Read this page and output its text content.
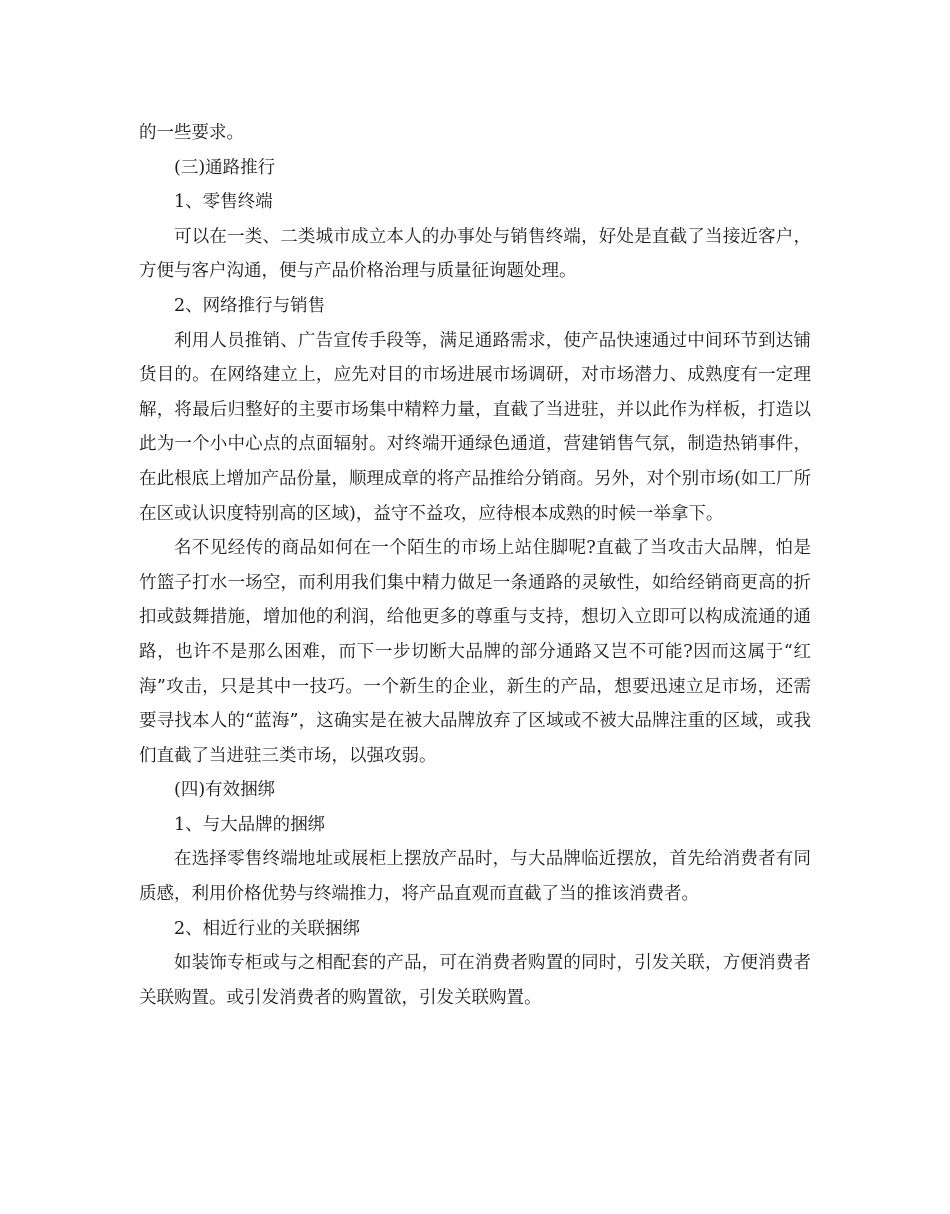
的一些要求。

(三)通路推行

1、零售终端

可以在一类、二类城市成立本人的办事处与销售终端，好处是直截了当接近客户，方便与客户沟通，便与产品价格治理与质量征询题处理。

2、网络推行与销售

利用人员推销、广告宣传手段等，满足通路需求，使产品快速通过中间环节到达铺货目的。在网络建立上，应先对目的市场进展市场调研，对市场潜力、成熟度有一定理解，将最后归整好的主要市场集中精粹力量，直截了当进驻，并以此作为样板，打造以此为一个小中心点的点面辐射。对终端开通绿色通道，营建销售气氛，制造热销事件，在此根底上增加产品份量，顺理成章的将产品推给分销商。另外，对个别市场(如工厂所在区或认识度特别高的区域)，益守不益攻，应待根本成熟的时候一举拿下。

名不见经传的商品如何在一个陌生的市场上站住脚呢?直截了当攻击大品牌，怕是竹篮子打水一场空，而利用我们集中精力做足一条通路的灵敏性，如给经销商更高的折扣或鼓舞措施，增加他的利润，给他更多的尊重与支持，想切入立即可以构成流通的通路，也许不是那么困难，而下一步切断大品牌的部分通路又岂不可能?因而这属于“红海”攻击，只是其中一技巧。一个新生的企业，新生的产品，想要迅速立足市场，还需要寻找本人的“蓝海”，这确实是在被大品牌放弃了区域或不被大品牌注重的区域，或我们直截了当进驻三类市场，以强攻弱。

(四)有效捆绑

1、与大品牌的捆绑

在选择零售终端地址或展柜上摆放产品时，与大品牌临近摆放，首先给消费者有同质感，利用价格优势与终端推力，将产品直观而直截了当的推该消费者。

2、相近行业的关联捆绑

如装饰专柜或与之相配套的产品，可在消费者购置的同时，引发关联，方便消费者关联购置。或引发消费者的购置欲，引发关联购置。
